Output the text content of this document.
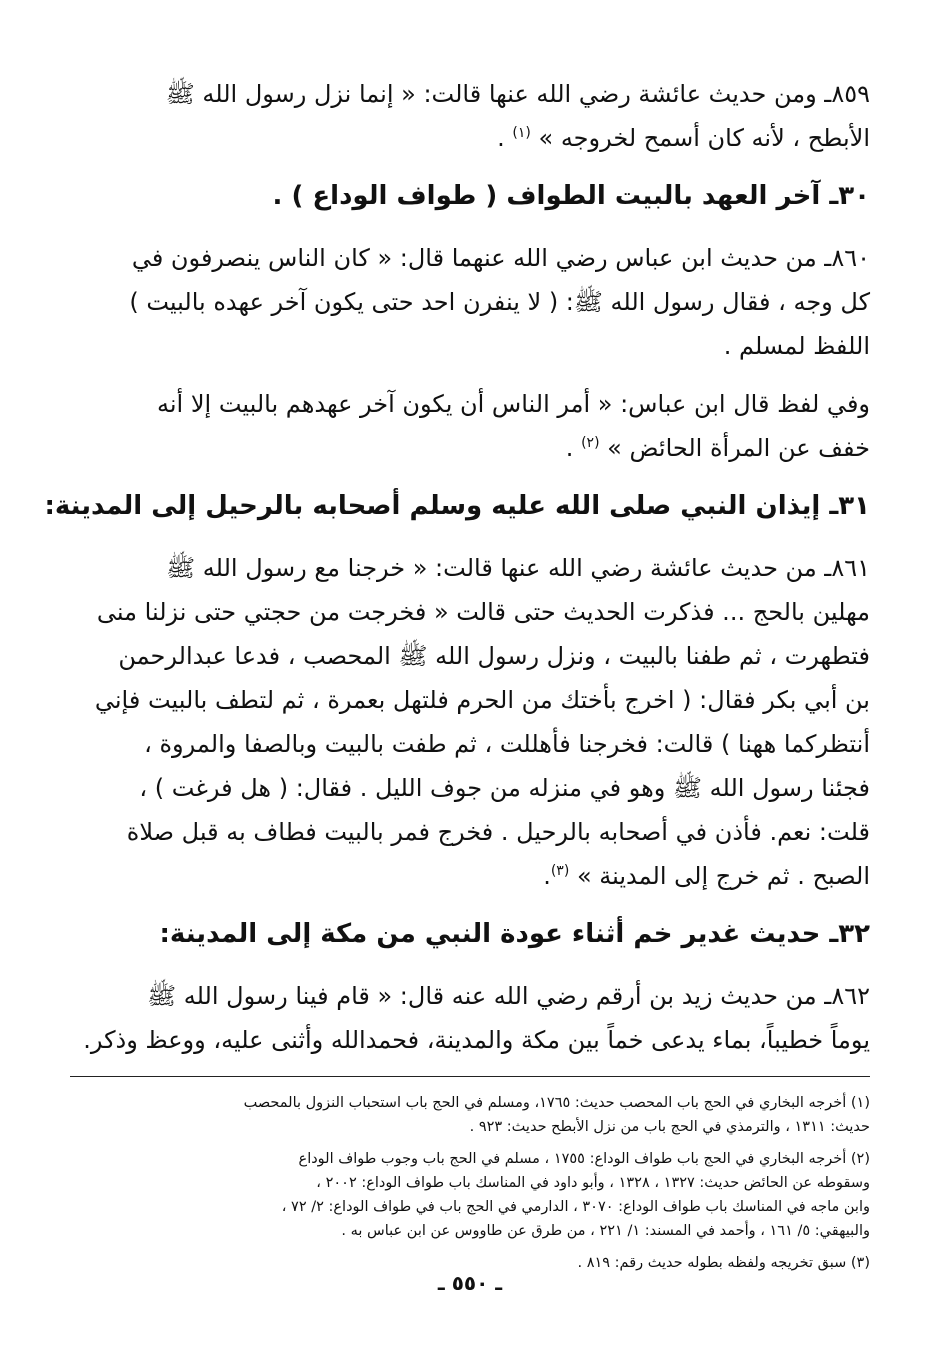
٨٥٩ـ ومن حديث عائشة رضي الله عنها قالت: « إنما نزل رسول الله ﷺ
الأبطح ، لأنه كان أسمح لخروجه » $^{(١)}$ .
٣٠ـ آخر العهد بالبيت الطواف ( طواف الوداع ) .
٨٦٠ـ من حديث ابن عباس رضي الله عنهما قال: « كان الناس ينصرفون في
كل وجه ، فقال رسول الله ﷺ: ( لا ينفرن احد حتى يكون آخر عهده بالبيت )
اللفظ لمسلم .
وفي لفظ قال ابن عباس: « أمر الناس أن يكون آخر عهدهم بالبيت إلا أنه
خفف عن المرأة الحائض » $^{(٢)}$ .
٣١ـ إيذان النبي صلى الله عليه وسلم أصحابه بالرحيل إلى المدينة:
٨٦١ـ من حديث عائشة رضي الله عنها قالت: « خرجنا مع رسول الله ﷺ
مهلين بالحج ... فذكرت الحديث حتى قالت « فخرجت من حجتي حتى نزلنا منى
فتطهرت ، ثم طفنا بالبيت ، ونزل رسول الله ﷺ المحصب ، فدعا عبدالرحمن
بن أبي بكر فقال: ( اخرج بأختك من الحرم فلتهل بعمرة ، ثم لتطف بالبيت فإني
أنتظركما ههنا ) قالت: فخرجنا فأهللت ، ثم طفت بالبيت وبالصفا والمروة ،
فجئنا رسول الله ﷺ وهو في منزله من جوف الليل . فقال: ( هل فرغت ) ،
قلت: نعم. فأذن في أصحابه بالرحيل . فخرج فمر بالبيت فطاف به قبل صلاة
الصبح . ثم خرج إلى المدينة » $^{(٣)}$.
٣٢ـ حديث غدير خم أثناء عودة النبي من مكة إلى المدينة:
٨٦٢ـ من حديث زيد بن أرقم رضي الله عنه قال: « قام فينا رسول الله ﷺ
يوماً خطيباً، بماء يدعى خماً بين مكة والمدينة، فحمدالله وأثنى عليه، ووعظ وذكر.
(١) أخرجه البخاري في الحج باب المحصب حديث: ١٧٦٥، ومسلم في الحج باب استحباب النزول بالمحصب
حديث: ١٣١١ ، والترمذي في الحج باب من نزل الأبطح حديث: ٩٢٣ .
(٢) أخرجه البخاري في الحج باب طواف الوداع: ١٧٥٥ ، مسلم في الحج باب وجوب طواف الوداع
وسقوطه عن الحائض حديث: ١٣٢٧ ، ١٣٢٨ ، وأبو داود في المناسك باب طواف الوداع: ٢٠٠٢ ،
وابن ماجه في المناسك باب طواف الوداع: ٣٠٧٠ ، الدارمي في الحج باب في طواف الوداع: ٢/ ٧٢ ،
والبيهقي: ٥/ ١٦١ ، وأحمد في المسند: ١/ ٢٢١ ، من طرق عن طاووس عن ابن عباس به .
(٣) سبق تخريجه ولفظه بطوله حديث رقم: ٨١٩ .
ـ ٥٥٠ ـ
